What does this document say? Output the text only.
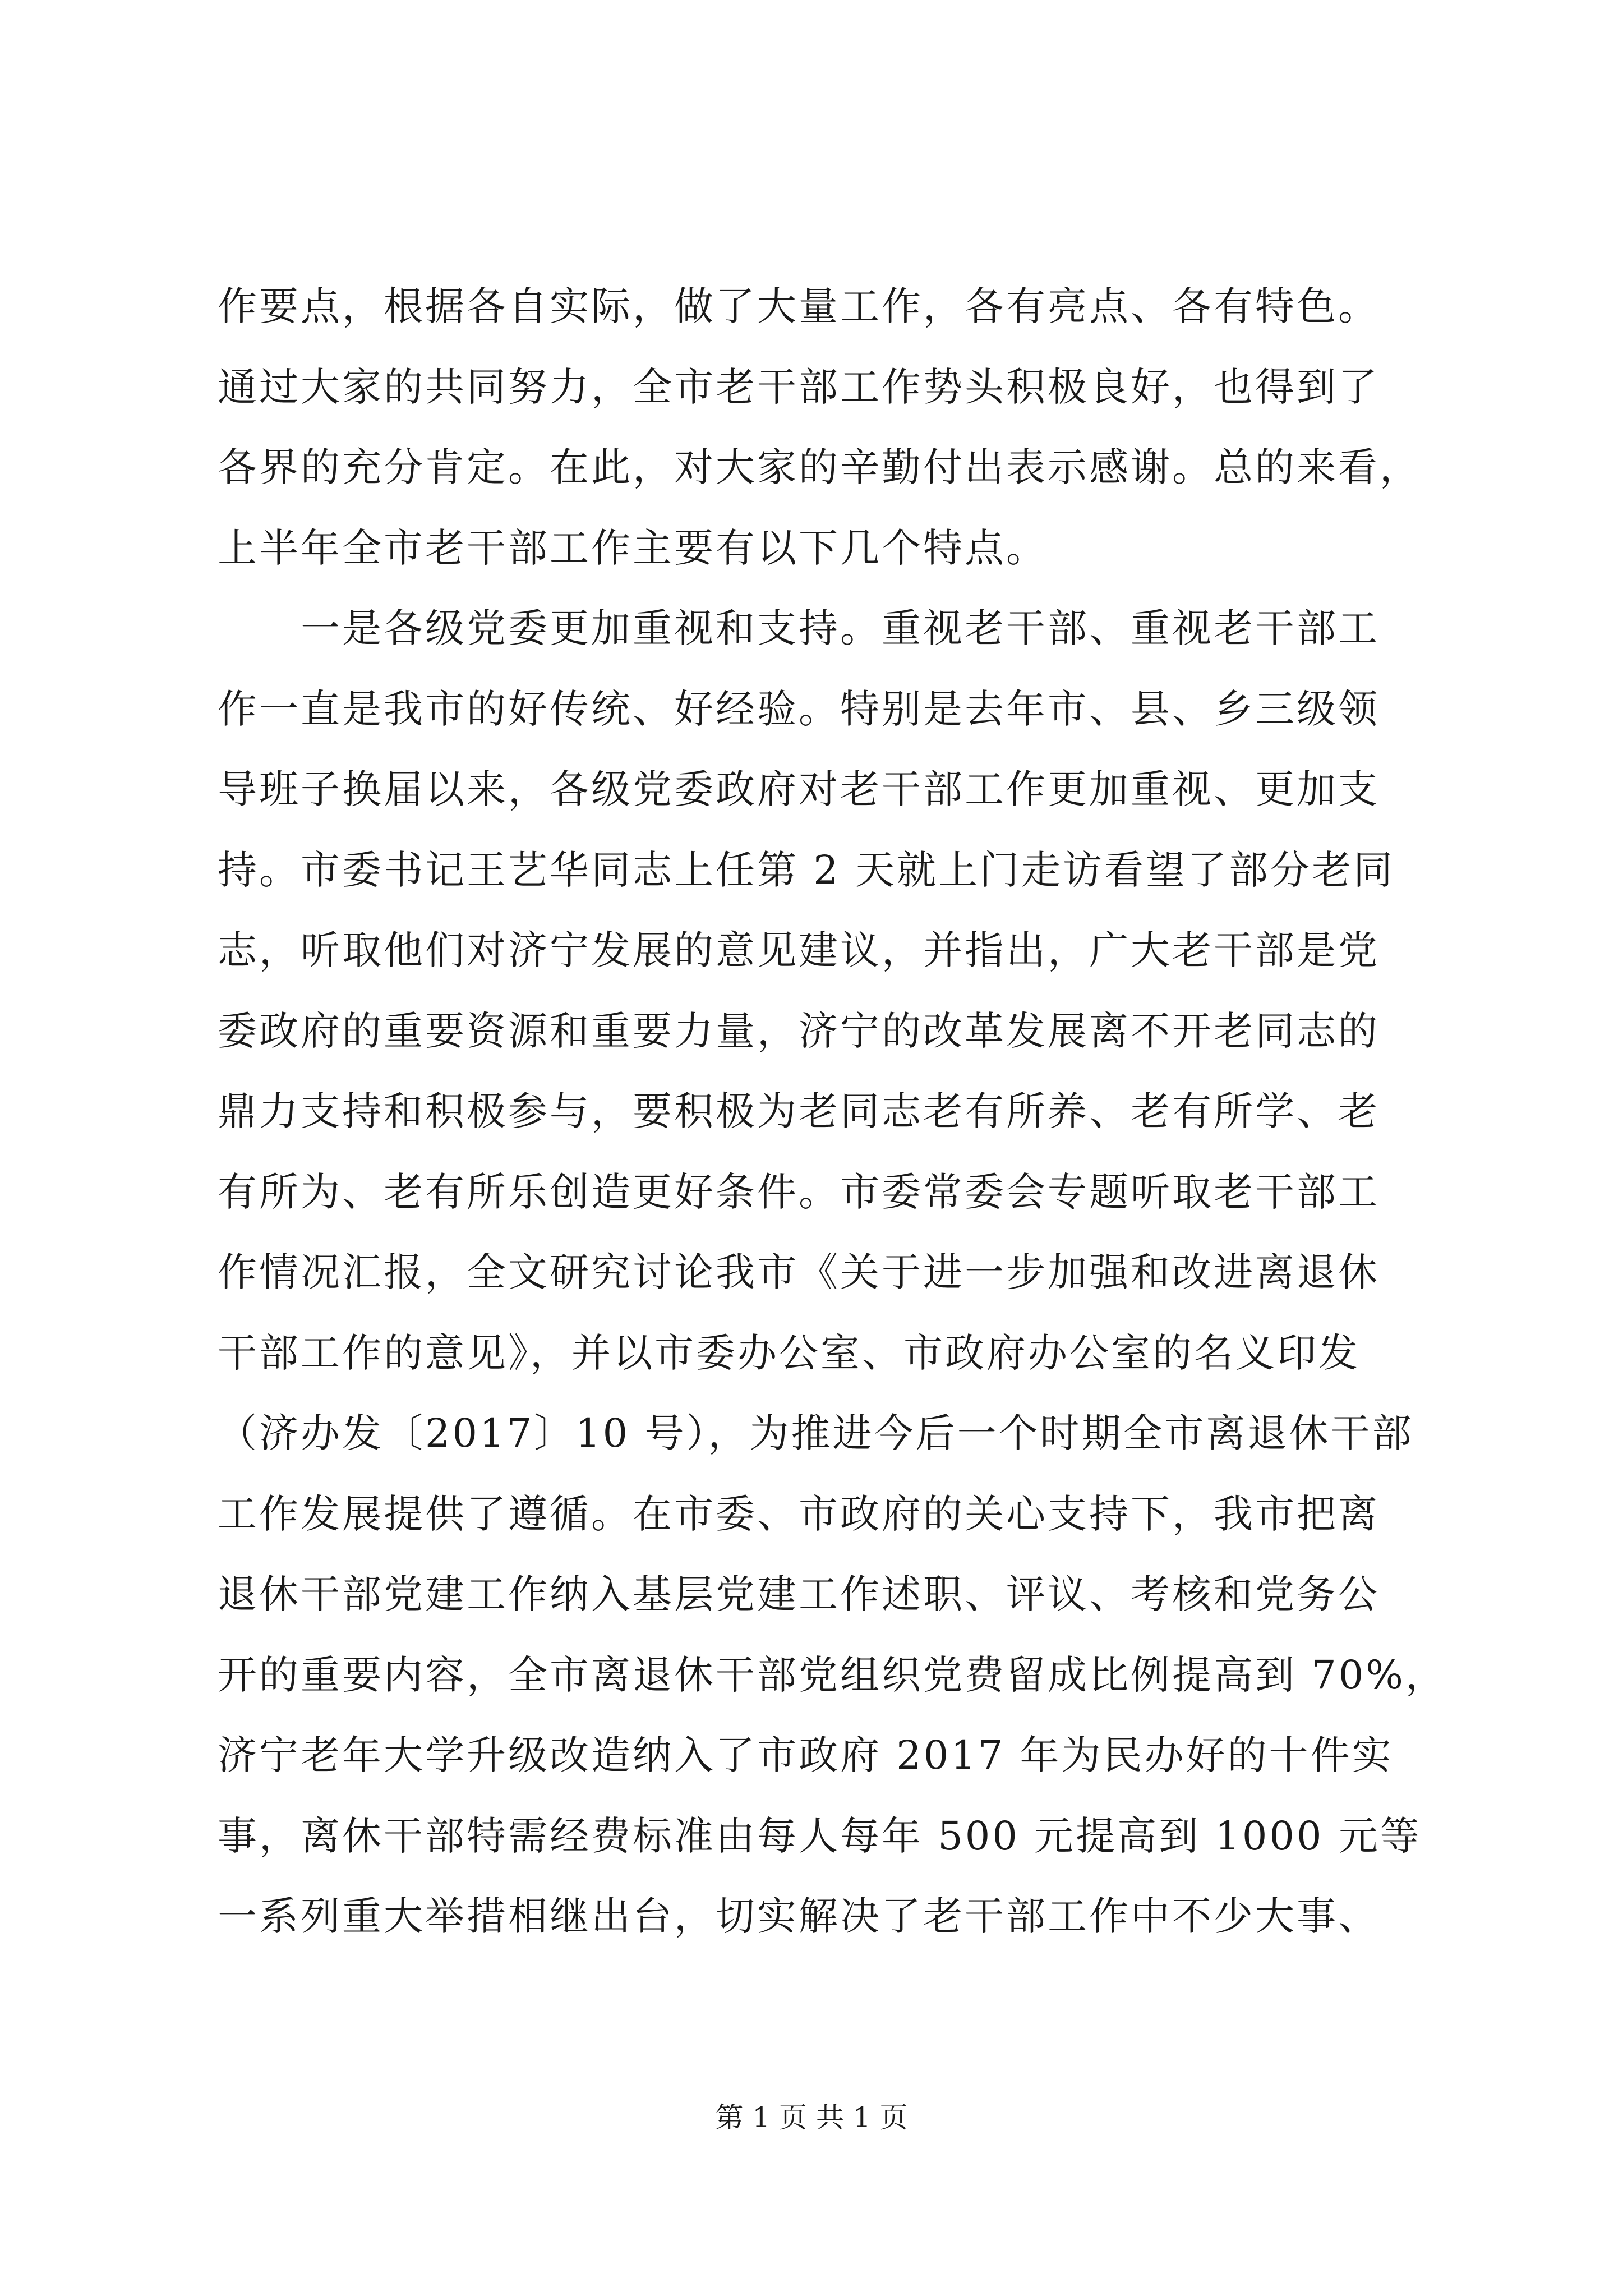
作要点，根据各自实际，做了大量工作，各有亮点、各有特色。
通过大家的共同努力，全市老干部工作势头积极良好，也得到了
各界的充分肯定。在此，对大家的辛勤付出表示感谢。总的来看，
上半年全市老干部工作主要有以下几个特点。
　　一是各级党委更加重视和支持。重视老干部、重视老干部工
作一直是我市的好传统、好经验。特别是去年市、县、乡三级领
导班子换届以来，各级党委政府对老干部工作更加重视、更加支
持。市委书记王艺华同志上任第 2 天就上门走访看望了部分老同
志，听取他们对济宁发展的意见建议，并指出，广大老干部是党
委政府的重要资源和重要力量，济宁的改革发展离不开老同志的
鼎力支持和积极参与，要积极为老同志老有所养、老有所学、老
有所为、老有所乐创造更好条件。市委常委会专题听取老干部工
作情况汇报，全文研究讨论我市《关于进一步加强和改进离退休
干部工作的意见》，并以市委办公室、市政府办公室的名义印发
（济办发〔2017〕10 号），为推进今后一个时期全市离退休干部
工作发展提供了遵循。在市委、市政府的关心支持下，我市把离
退休干部党建工作纳入基层党建工作述职、评议、考核和党务公
开的重要内容，全市离退休干部党组织党费留成比例提高到 70%，
济宁老年大学升级改造纳入了市政府 2017 年为民办好的十件实
事，离休干部特需经费标准由每人每年 500 元提高到 1000 元等
一系列重大举措相继出台，切实解决了老干部工作中不少大事、
第 1 页 共 1 页
